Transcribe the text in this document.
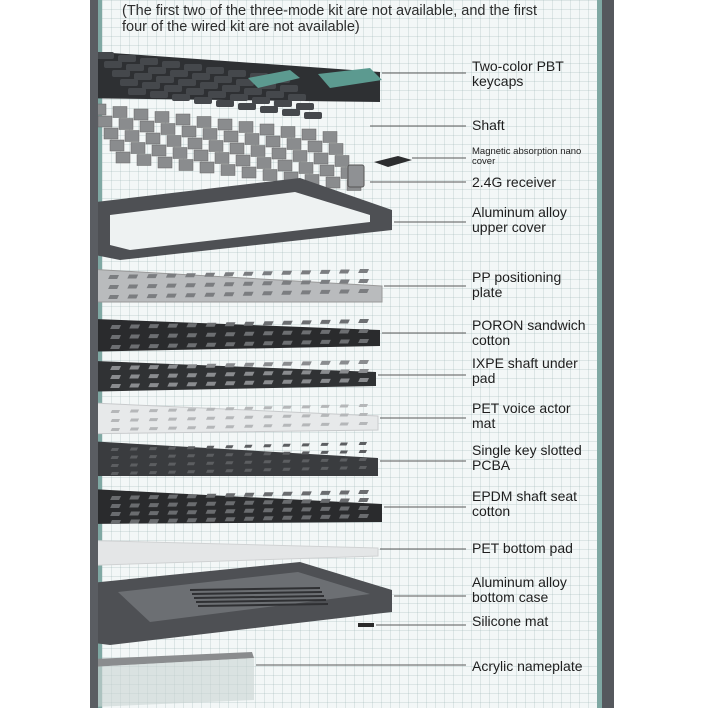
(The first two of the three-mode kit are not available, and the first
four of the wired kit are not available)
Two-color PBT
keycaps
Shaft
Magnetic absorption nano
cover
2.4G receiver
Aluminum alloy
upper cover
PP positioning
plate
PORON sandwich
cotton
IXPE shaft under
pad
PET voice actor
mat
Single key slotted
PCBA
EPDM shaft seat
cotton
PET bottom pad
Aluminum alloy
bottom case
Silicone mat
Acrylic nameplate
